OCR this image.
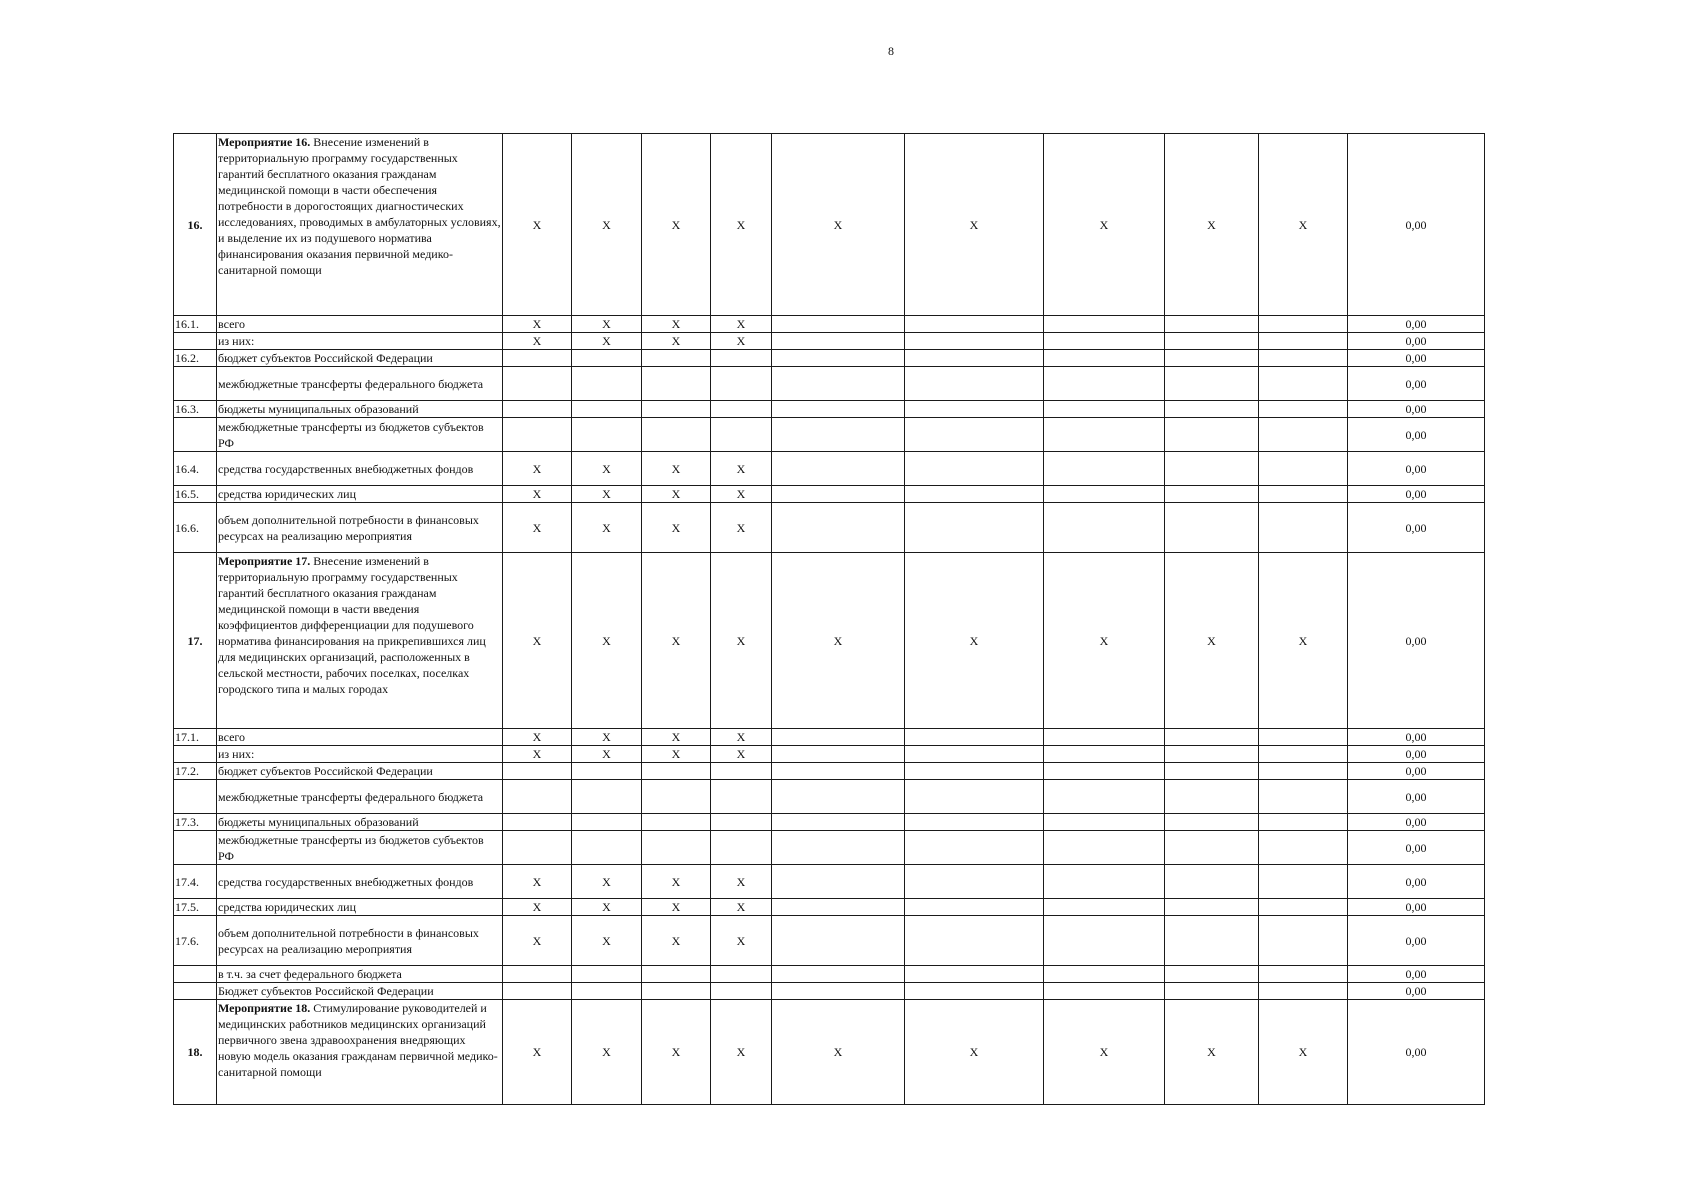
8
16.	Мероприятие 16. Внесение изменений в территориальную программу государственных гарантий бесплатного оказания гражданам медицинской помощи в части обеспечения потребности в дорогостоящих диагностических исследованиях, проводимых в амбулаторных условиях, и выделение их из подушевого норматива финансирования оказания первичной медико-санитарной помощи	X	X	X	X	X	X	X	X	X	0,00
16.1.	всего	X	X	X	X						0,00
	из них:	X	X	X	X						0,00
16.2.	бюджет субъектов Российской Федерации										0,00
	межбюджетные трансферты федерального бюджета										0,00
16.3.	бюджеты муниципальных образований										0,00
	межбюджетные трансферты из бюджетов субъектов РФ										0,00
16.4.	средства государственных внебюджетных фондов	X	X	X	X						0,00
16.5.	средства юридических лиц	X	X	X	X						0,00
16.6.	объем дополнительной потребности в финансовых ресурсах на реализацию мероприятия	X	X	X	X						0,00
17.	Мероприятие 17. Внесение изменений в территориальную программу государственных гарантий бесплатного оказания гражданам медицинской помощи в части введения коэффициентов дифференциации для подушевого норматива финансирования на прикрепившихся лиц для медицинских организаций, расположенных в сельской местности, рабочих поселках, поселках городского типа и малых городах	X	X	X	X	X	X	X	X	X	0,00
17.1.	всего	X	X	X	X						0,00
	из них:	X	X	X	X						0,00
17.2.	бюджет субъектов Российской Федерации										0,00
	межбюджетные трансферты федерального бюджета										0,00
17.3.	бюджеты муниципальных образований										0,00
	межбюджетные трансферты из бюджетов субъектов РФ										0,00
17.4.	средства государственных внебюджетных фондов	X	X	X	X						0,00
17.5.	средства юридических лиц	X	X	X	X						0,00
17.6.	объем дополнительной потребности в финансовых ресурсах на реализацию мероприятия	X	X	X	X						0,00
	в т.ч. за счет федерального бюджета										0,00
	Бюджет субъектов Российской Федерации										0,00
18.	Мероприятие 18. Стимулирование руководителей и медицинских работников медицинских организаций первичного звена здравоохранения внедряющих новую модель оказания гражданам первичной медико-санитарной помощи	X	X	X	X	X	X	X	X	X	0,00
